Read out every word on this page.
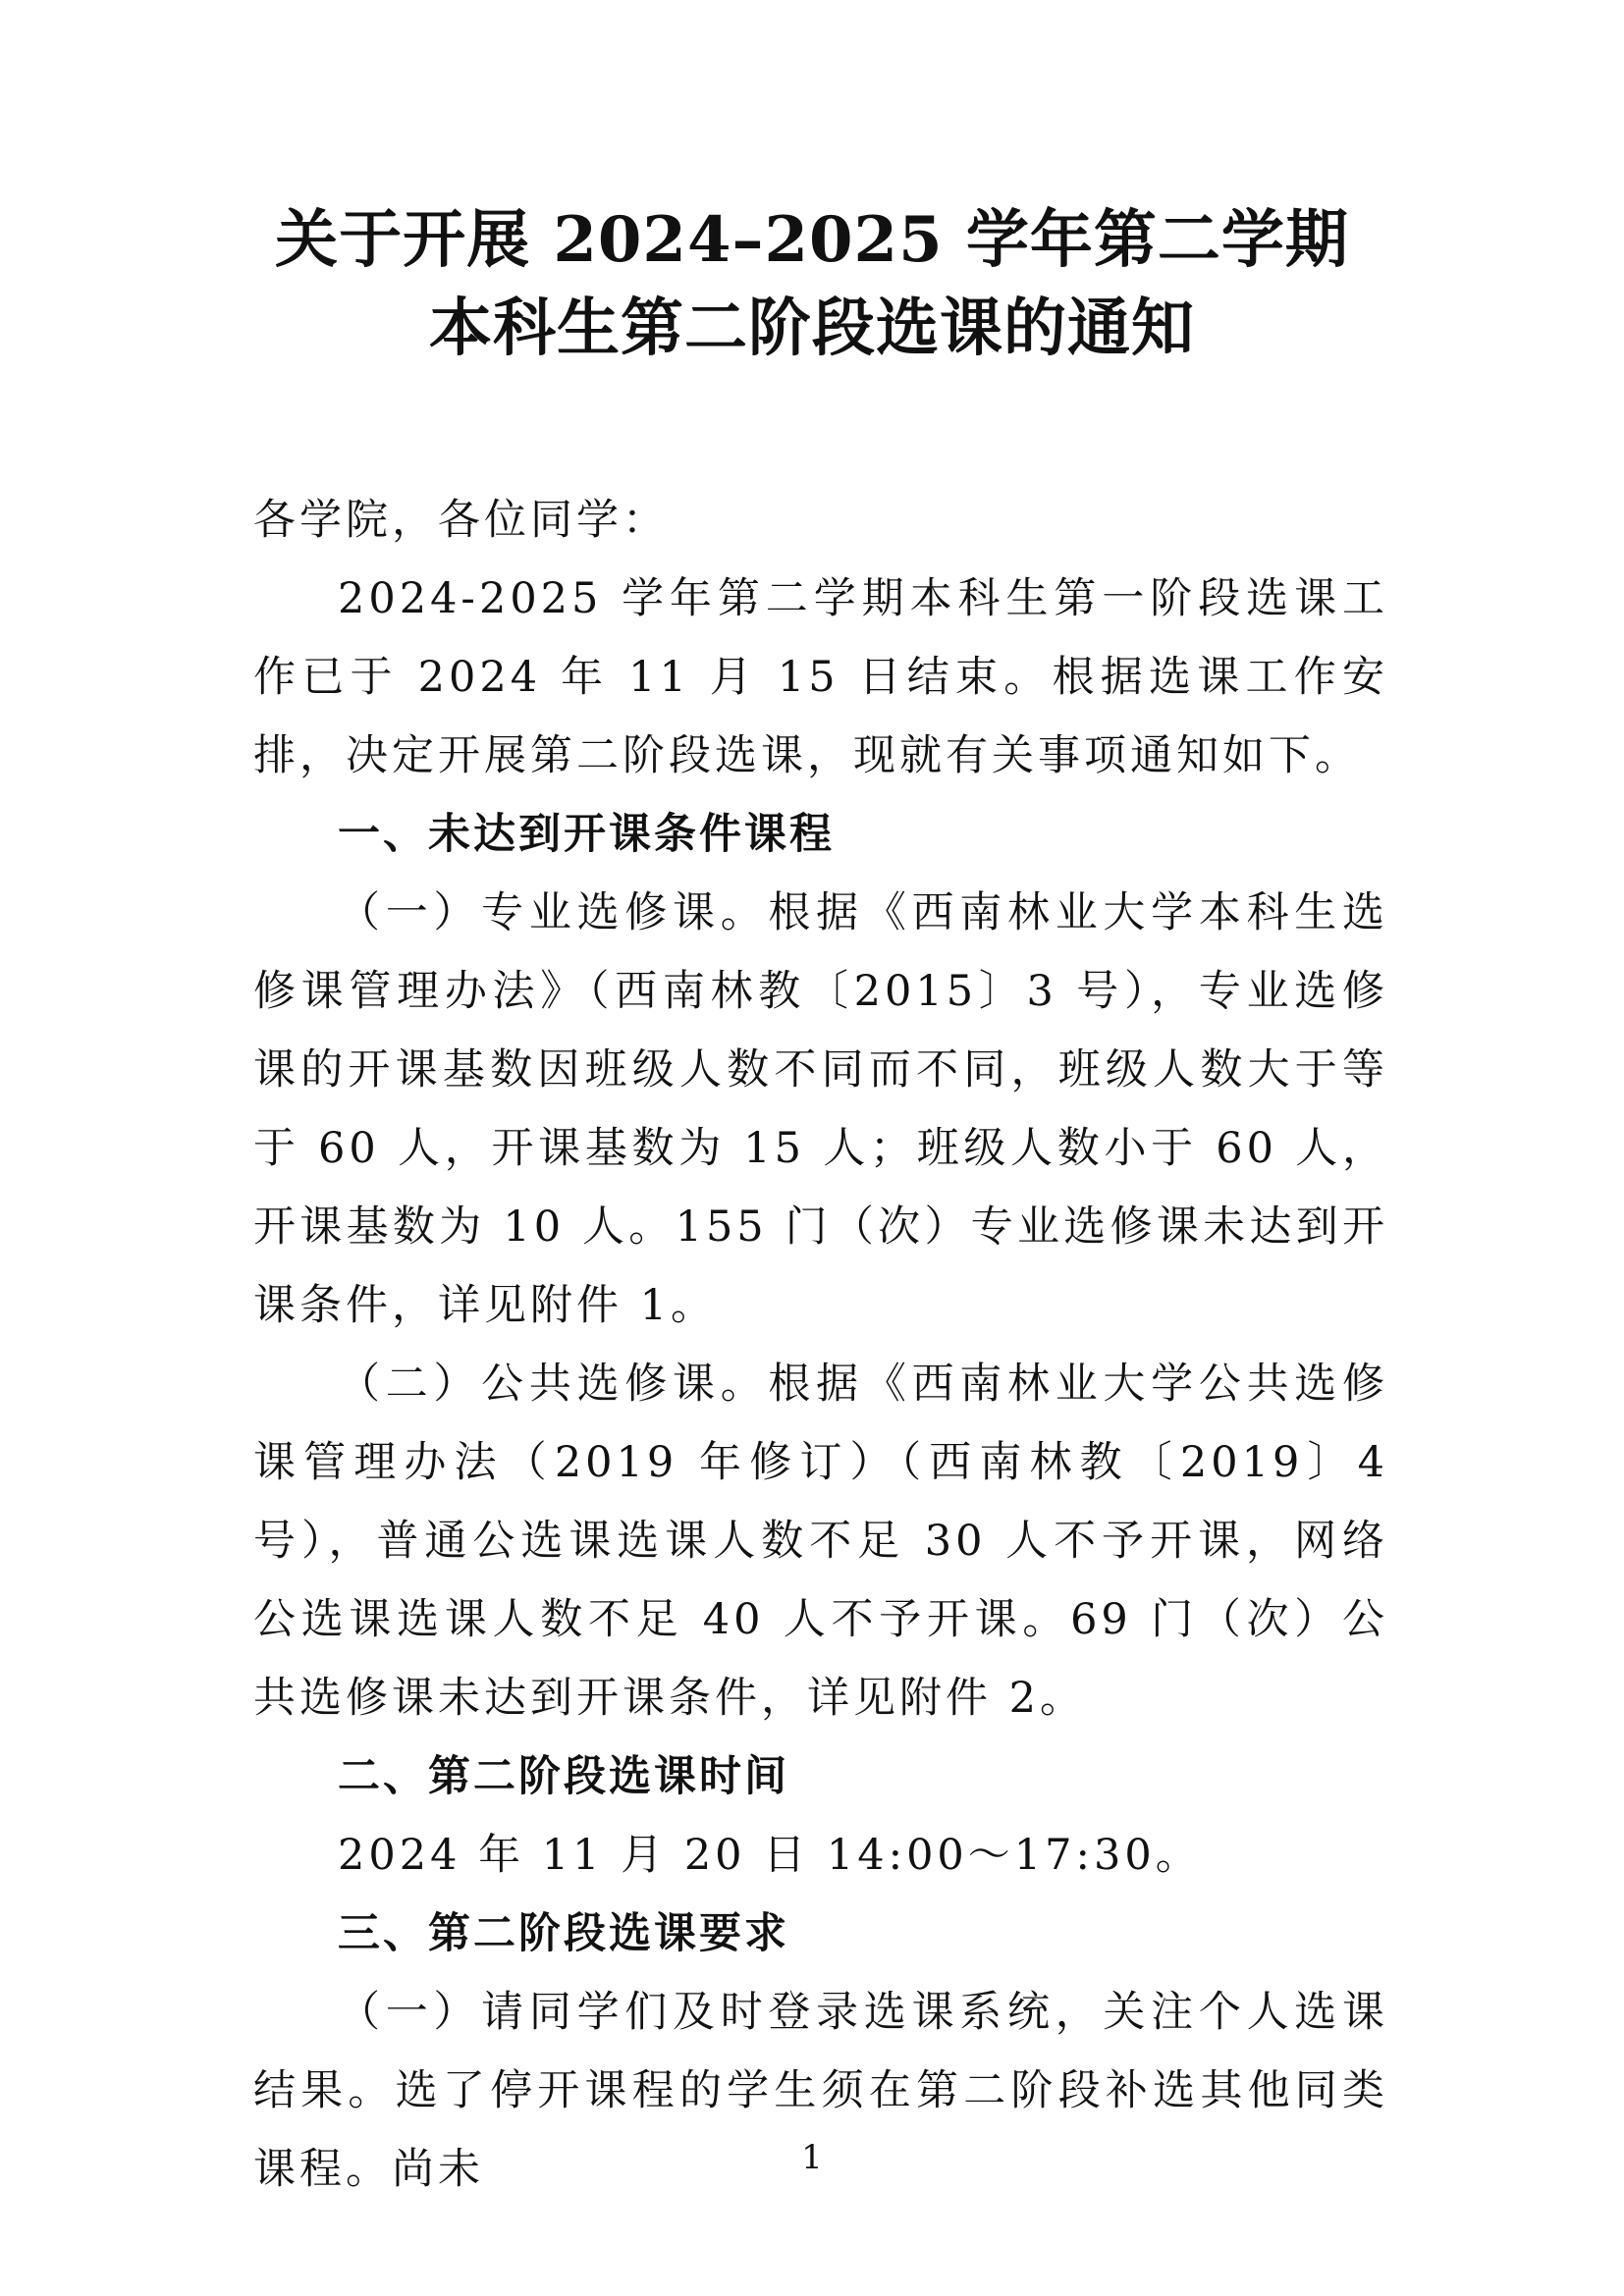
关于开展 2024–2025 学年第二学期
本科生第二阶段选课的通知

各学院，各位同学：

2024-2025 学年第二学期本科生第一阶段选课工作已于 2024 年 11 月 15 日结束。根据选课工作安排，决定开展第二阶段选课，现就有关事项通知如下。

一、未达到开课条件课程

（一）专业选修课。根据《西南林业大学本科生选修课管理办法》（西南林教〔2015〕3 号），专业选修课的开课基数因班级人数不同而不同，班级人数大于等于 60 人，开课基数为 15 人；班级人数小于 60 人，开课基数为 10 人。155 门（次）专业选修课未达到开课条件，详见附件 1。

（二）公共选修课。根据《西南林业大学公共选修课管理办法（2019 年修订）（西南林教〔2019〕4 号），普通公选课选课人数不足 30 人不予开课，网络公选课选课人数不足 40 人不予开课。69 门（次）公共选修课未达到开课条件，详见附件 2。

二、第二阶段选课时间

2024 年 11 月 20 日 14:00～17:30。

三、第二阶段选课要求

（一）请同学们及时登录选课系统，关注个人选课结果。选了停开课程的学生须在第二阶段补选其他同类课程。尚未	1
